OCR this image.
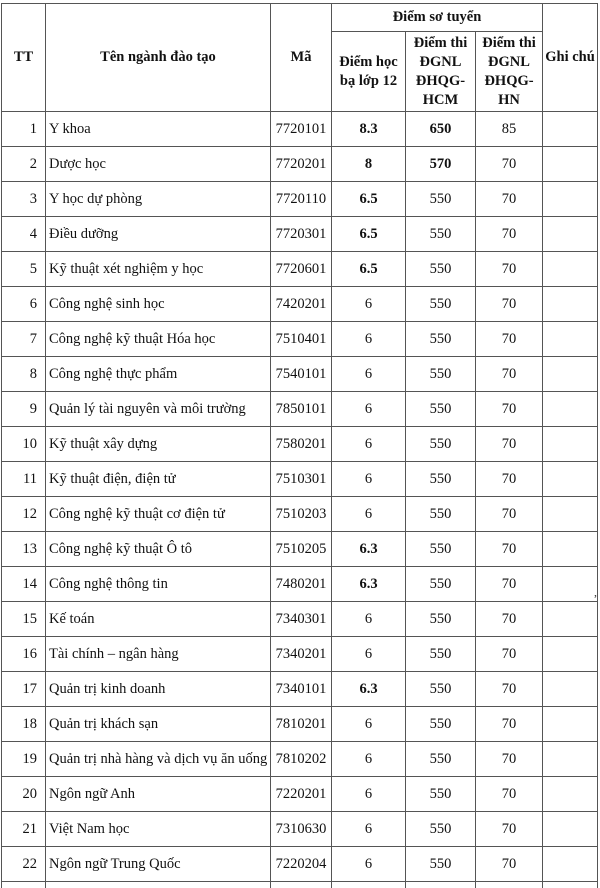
TT	Tên ngành đào tạo	Mã	Điểm sơ tuyển			Ghi chú
			Điểm học bạ lớp 12	Điểm thi ĐGNL ĐHQG-HCM	Điểm thi ĐGNL ĐHQG-HN	
1	Y khoa	7720101	8.3	650	85	
2	Dược học	7720201	8	570	70	
3	Y học dự phòng	7720110	6.5	550	70	
4	Điều dưỡng	7720301	6.5	550	70	
5	Kỹ thuật xét nghiệm y học	7720601	6.5	550	70	
6	Công nghệ sinh học	7420201	6	550	70	
7	Công nghệ kỹ thuật Hóa học	7510401	6	550	70	
8	Công nghệ thực phẩm	7540101	6	550	70	
9	Quản lý tài nguyên và môi trường	7850101	6	550	70	
10	Kỹ thuật xây dựng	7580201	6	550	70	
11	Kỹ thuật điện, điện tử	7510301	6	550	70	
12	Công nghệ kỹ thuật cơ điện tử	7510203	6	550	70	
13	Công nghệ kỹ thuật Ô tô	7510205	6.3	550	70	
14	Công nghệ thông tin	7480201	6.3	550	70	
15	Kế toán	7340301	6	550	70	
16	Tài chính – ngân hàng	7340201	6	550	70	
17	Quản trị kinh doanh	7340101	6.3	550	70	
18	Quản trị khách sạn	7810201	6	550	70	
19	Quản trị nhà hàng và dịch vụ ăn uống	7810202	6	550	70	
20	Ngôn ngữ Anh	7220201	6	550	70	
21	Việt Nam học	7310630	6	550	70	
22	Ngôn ngữ Trung Quốc	7220204	6	550	70	

,
